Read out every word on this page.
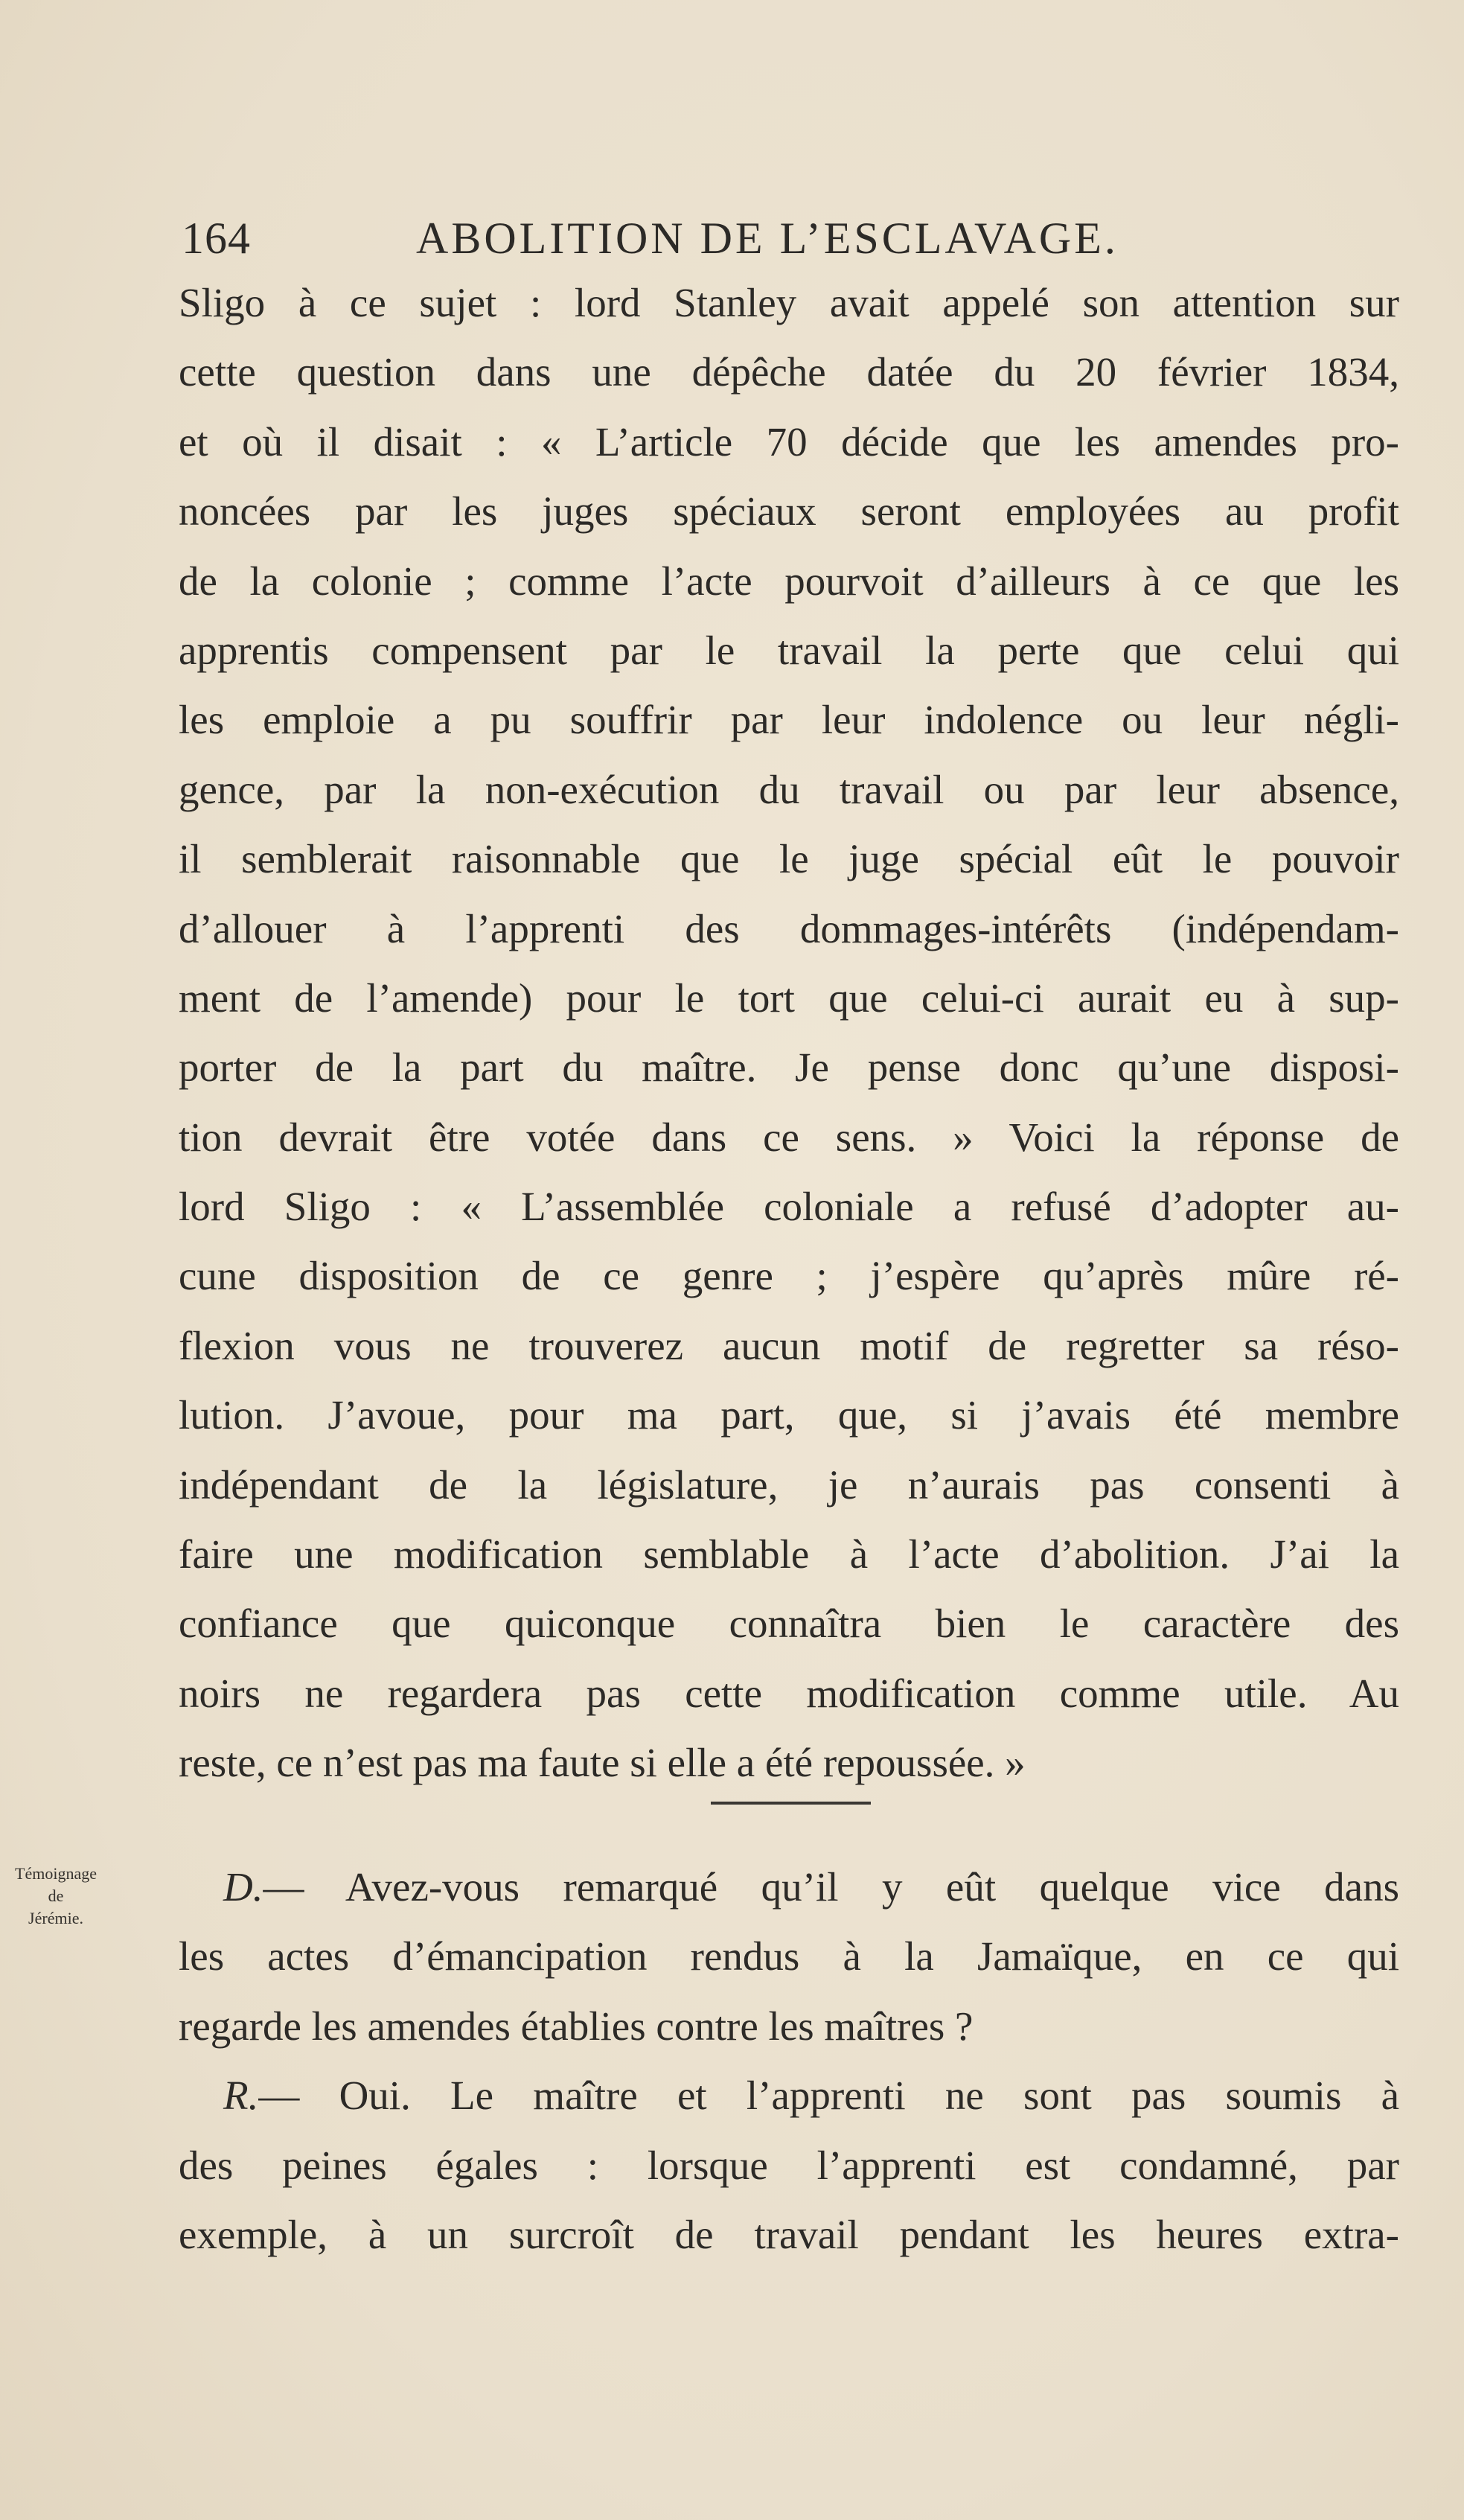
164	ABOLITION DE L’ESCLAVAGE.
Sligo à ce sujet : lord Stanley avait appelé son attention sur
cette question dans une dépêche datée du 20 février 1834,
et où il disait : « L’article 70 décide que les amendes pro-
noncées par les juges spéciaux seront employées au profit
de la colonie ; comme l’acte pourvoit d’ailleurs à ce que les
apprentis compensent par le travail la perte que celui qui
les emploie a pu souffrir par leur indolence ou leur négli-
gence, par la non-exécution du travail ou par leur absence,
il semblerait raisonnable que le juge spécial eût le pouvoir
d’allouer à l’apprenti des dommages-intérêts (indépendam-
ment de l’amende) pour le tort que celui-ci aurait eu à sup-
porter de la part du maître. Je pense donc qu’une disposi-
tion devrait être votée dans ce sens. » Voici la réponse de
lord Sligo : « L’assemblée coloniale a refusé d’adopter au-
cune disposition de ce genre ; j’espère qu’après mûre ré-
flexion vous ne trouverez aucun motif de regretter sa réso-
lution. J’avoue, pour ma part, que, si j’avais été membre
indépendant de la législature, je n’aurais pas consenti à
faire une modification semblable à l’acte d’abolition. J’ai la
confiance que quiconque connaîtra bien le caractère des
noirs ne regardera pas cette modification comme utile. Au
reste, ce n’est pas ma faute si elle a été repoussée. »
Témoignage
de
Jérémie.
D.— Avez-vous remarqué qu’il y eût quelque vice dans
les actes d’émancipation rendus à la Jamaïque, en ce qui
regarde les amendes établies contre les maîtres ?
R.— Oui. Le maître et l’apprenti ne sont pas soumis à
des peines égales : lorsque l’apprenti est condamné, par
exemple, à un surcroît de travail pendant les heures extra-
